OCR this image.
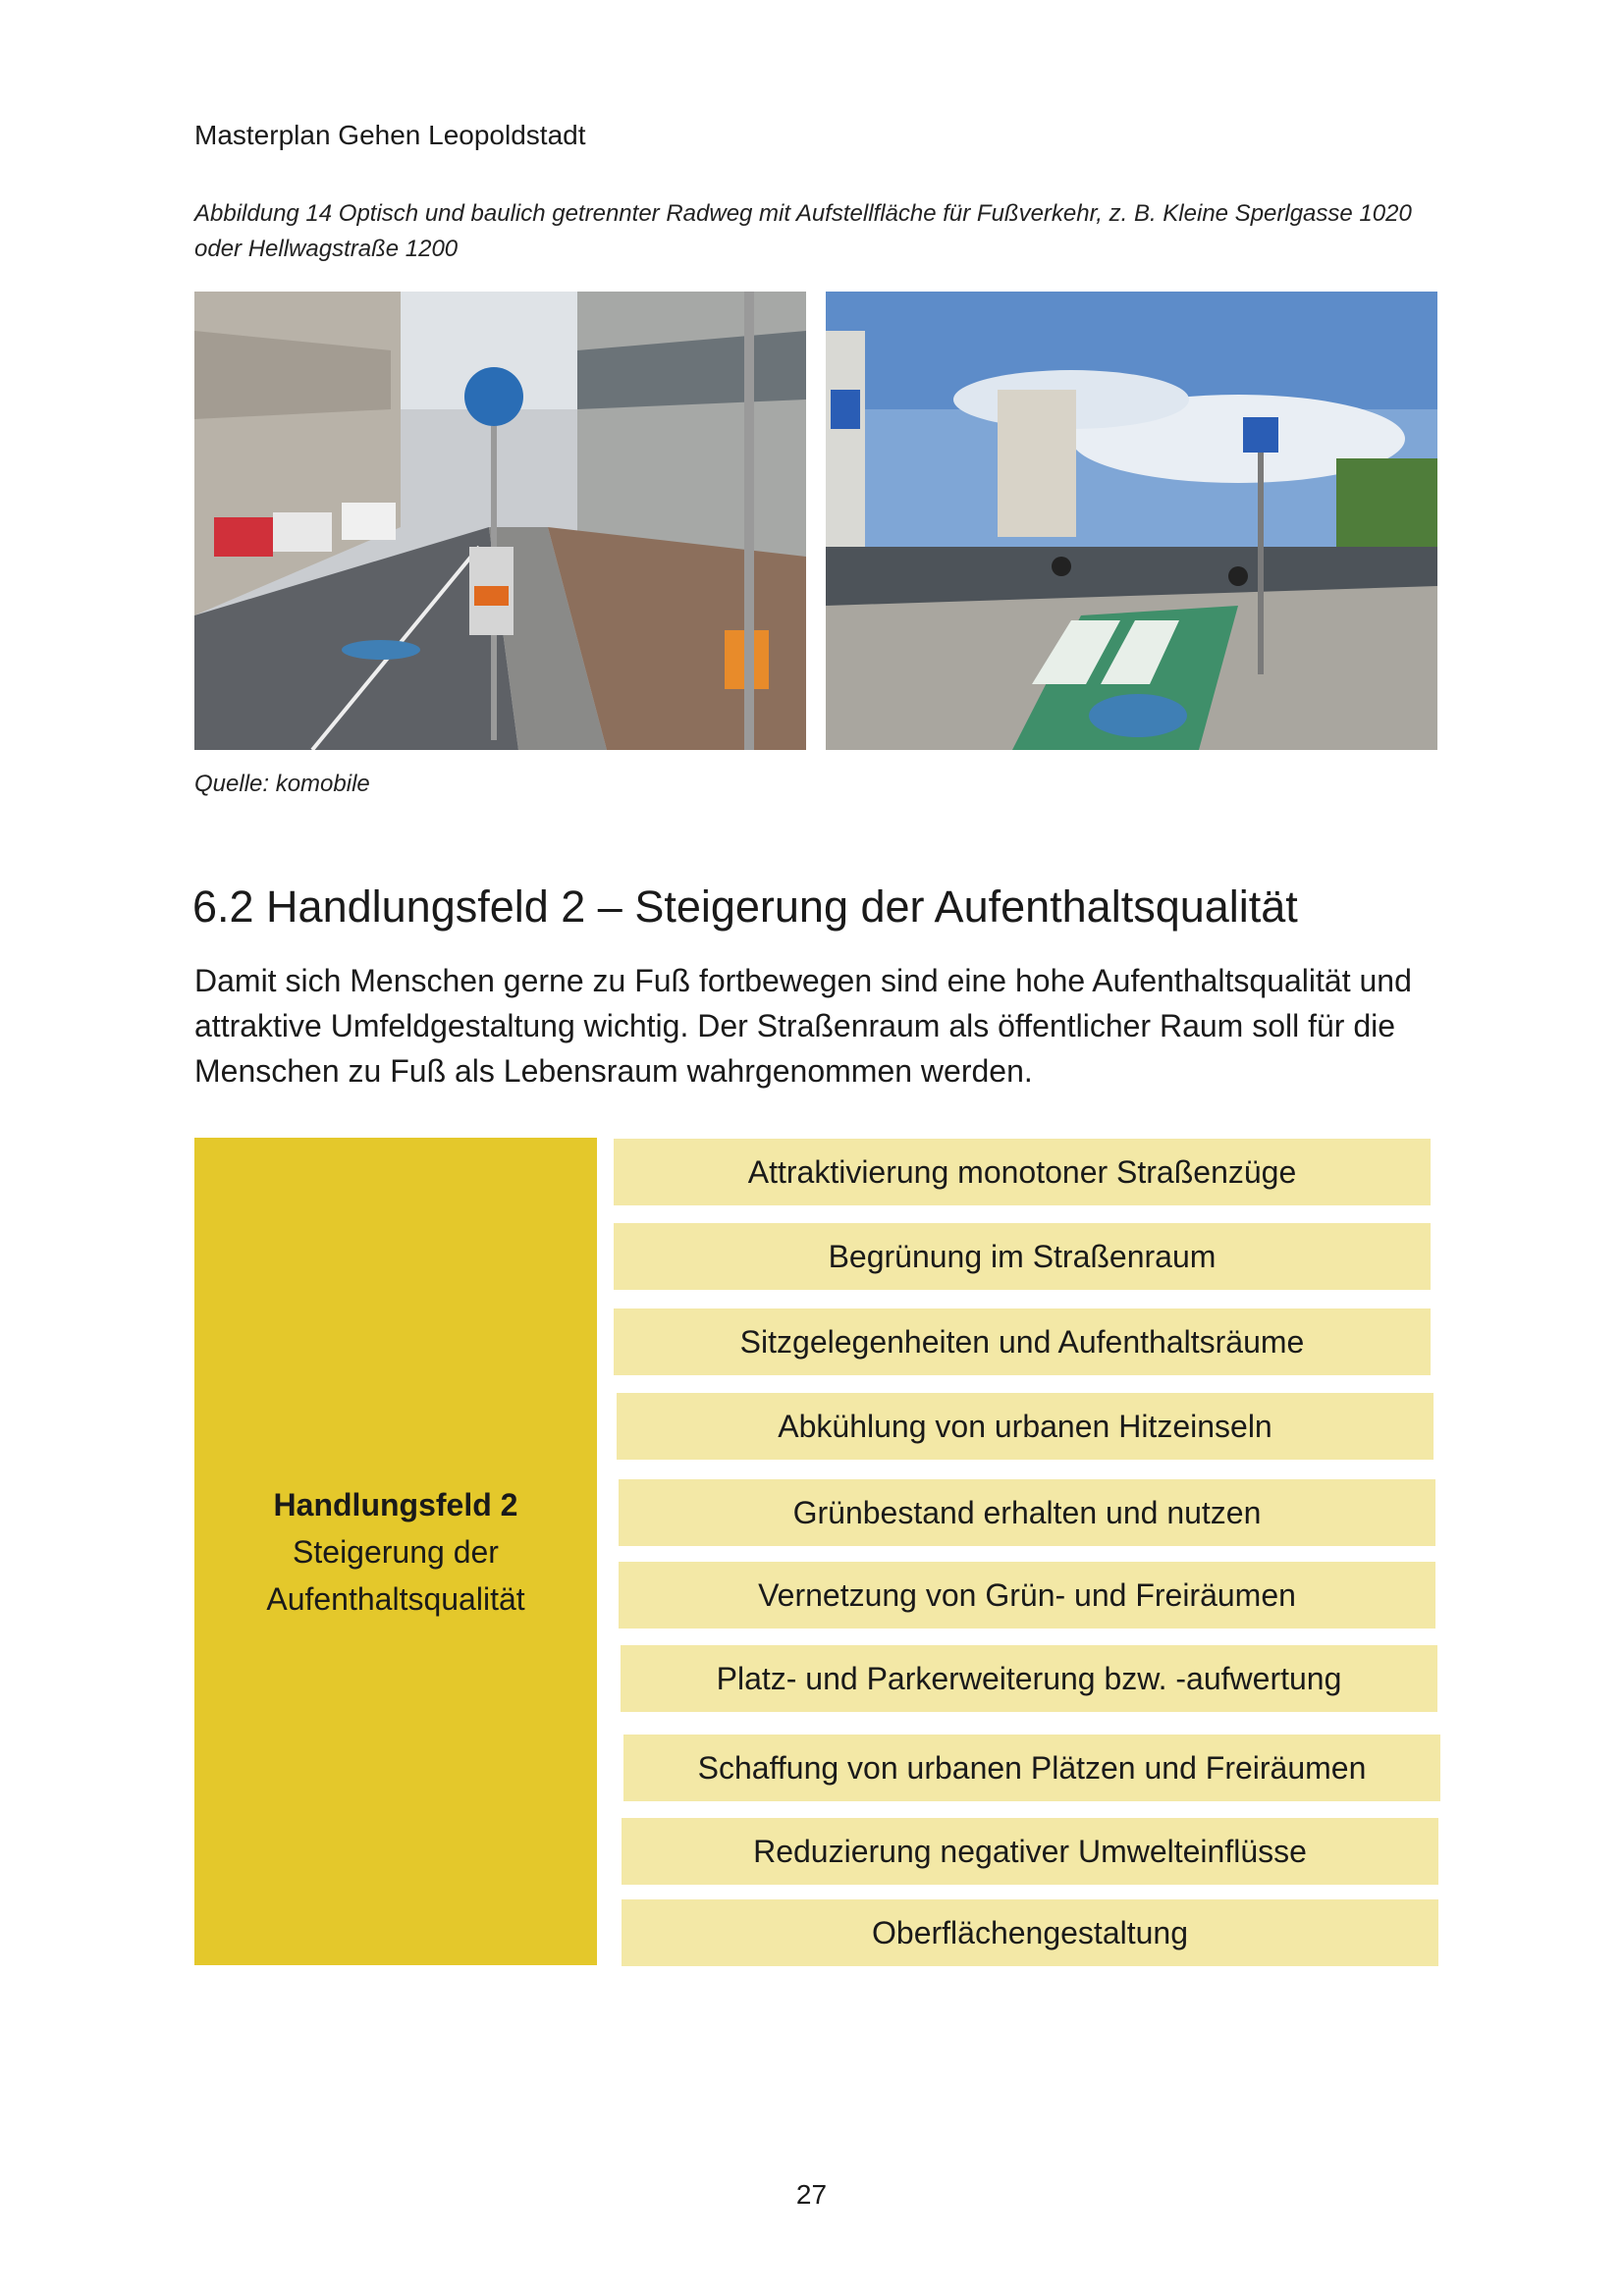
Masterplan Gehen Leopoldstadt
Abbildung 14 Optisch und baulich getrennter Radweg mit Aufstellfläche für Fußverkehr, z. B. Kleine Sperlgasse 1020 oder Hellwagstraße 1200
Quelle: komobile
6.2 Handlungsfeld 2 – Steigerung der Aufenthaltsqualität
Damit sich Menschen gerne zu Fuß fortbewegen sind eine hohe Aufenthaltsqualität und attraktive Umfeldgestaltung wichtig. Der Straßenraum als öffentlicher Raum soll für die Menschen zu Fuß als Lebensraum wahrgenommen werden.
Handlungsfeld 2
Steigerung der Aufenthaltsqualität
Attraktivierung monotoner Straßenzüge
Begrünung im Straßenraum
Sitzgelegenheiten und Aufenthaltsräume
Abkühlung von urbanen Hitzeinseln
Grünbestand erhalten und nutzen
Vernetzung von Grün- und Freiräumen
Platz- und Parkerweiterung bzw. -aufwertung
Schaffung von urbanen Plätzen und Freiräumen
Reduzierung negativer Umwelteinflüsse
Oberflächengestaltung
27
